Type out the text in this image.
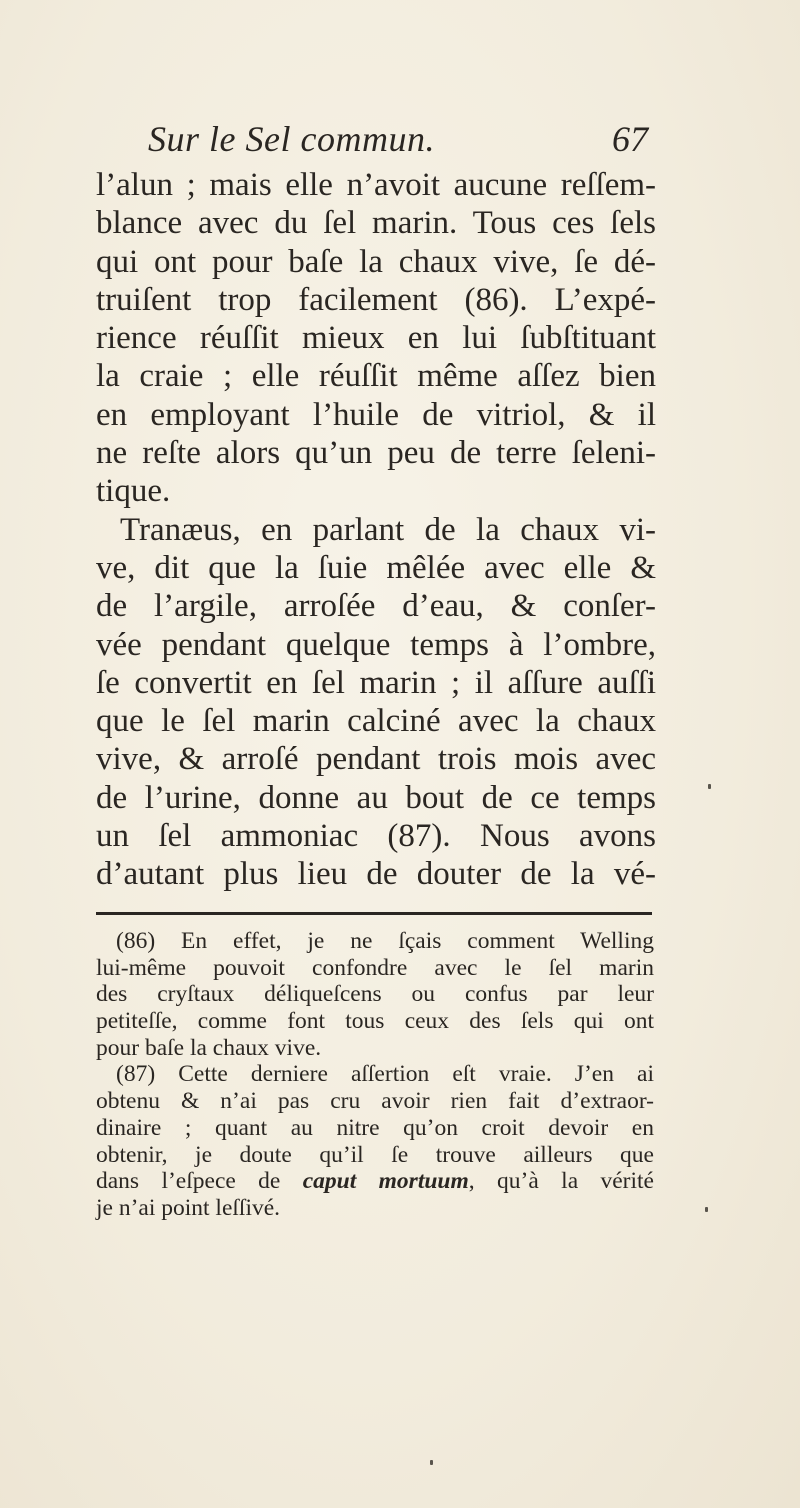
Sur le Sel commun.	67
l’alun ; mais elle n’avoit aucune reſſem-
blance avec du ſel marin. Tous ces ſels
qui ont pour baſe la chaux vive, ſe dé-
truiſent trop facilement (86). L’expé-
rience réuſſit mieux en lui ſubſtituant
la craie ; elle réuſſit même aſſez bien
en employant l’huile de vitriol, & il
ne reſte alors qu’un peu de terre ſeleni-
tique.
Tranæus, en parlant de la chaux vi-
ve, dit que la ſuie mêlée avec elle &
de l’argile, arroſée d’eau, & conſer-
vée pendant quelque temps à l’ombre,
ſe convertit en ſel marin ; il aſſure auſſi
que le ſel marin calciné avec la chaux
vive, & arroſé pendant trois mois avec
de l’urine, donne au bout de ce temps
un ſel ammoniac (87). Nous avons
d’autant plus lieu de douter de la vé-
(86) En effet, je ne ſçais comment Welling
lui-même pouvoit confondre avec le ſel marin
des cryſtaux déliqueſcens ou confus par leur
petiteſſe, comme font tous ceux des ſels qui ont
pour baſe la chaux vive.
(87) Cette derniere aſſertion eſt vraie. J’en ai
obtenu & n’ai pas cru avoir rien fait d’extraor-
dinaire ; quant au nitre qu’on croit devoir en
obtenir, je doute qu’il ſe trouve ailleurs que
dans l’eſpece de caput mortuum, qu’à la vérité
je n’ai point leſſivé.
